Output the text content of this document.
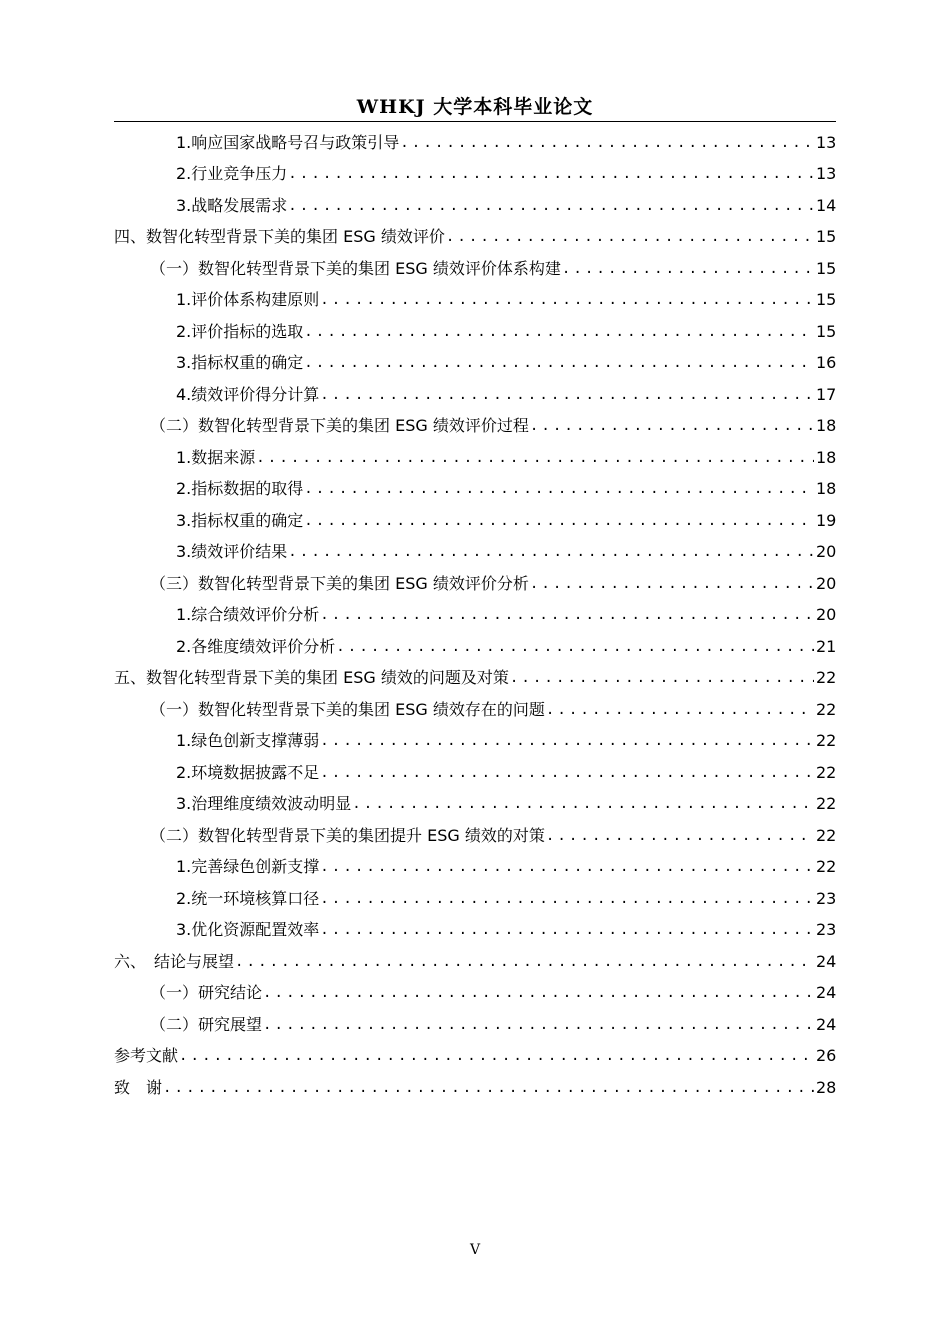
WHKJ 大学本科毕业论文
1.响应国家战略号召与政策引导 .....	13
2.行业竞争压力 .....	13
3.战略发展需求 .....	14
四、数智化转型背景下美的集团 ESG 绩效评价 .....	15
（一）数智化转型背景下美的集团 ESG 绩效评价体系构建 .....	15
1.评价体系构建原则 .....	15
2.评价指标的选取 .....	15
3.指标权重的确定 .....	16
4.绩效评价得分计算 .....	17
（二）数智化转型背景下美的集团 ESG 绩效评价过程 .....	18
1.数据来源 .....	18
2.指标数据的取得 .....	18
3.指标权重的确定 .....	19
3.绩效评价结果 .....	20
（三）数智化转型背景下美的集团 ESG 绩效评价分析 .....	20
1.综合绩效评价分析 .....	20
2.各维度绩效评价分析 .....	21
五、数智化转型背景下美的集团 ESG 绩效的问题及对策 .....	22
（一）数智化转型背景下美的集团 ESG 绩效存在的问题 .....	22
1.绿色创新支撑薄弱 .....	22
2.环境数据披露不足 .....	22
3.治理维度绩效波动明显 .....	22
（二）数智化转型背景下美的集团提升 ESG 绩效的对策 .....	22
1.完善绿色创新支撑 .....	22
2.统一环境核算口径 .....	23
3.优化资源配置效率 .....	23
六、　结论与展望 .....	24
（一）研究结论 .....	24
（二）研究展望 .....	24
参考文献 .....	26
致　谢 .....	28
V
